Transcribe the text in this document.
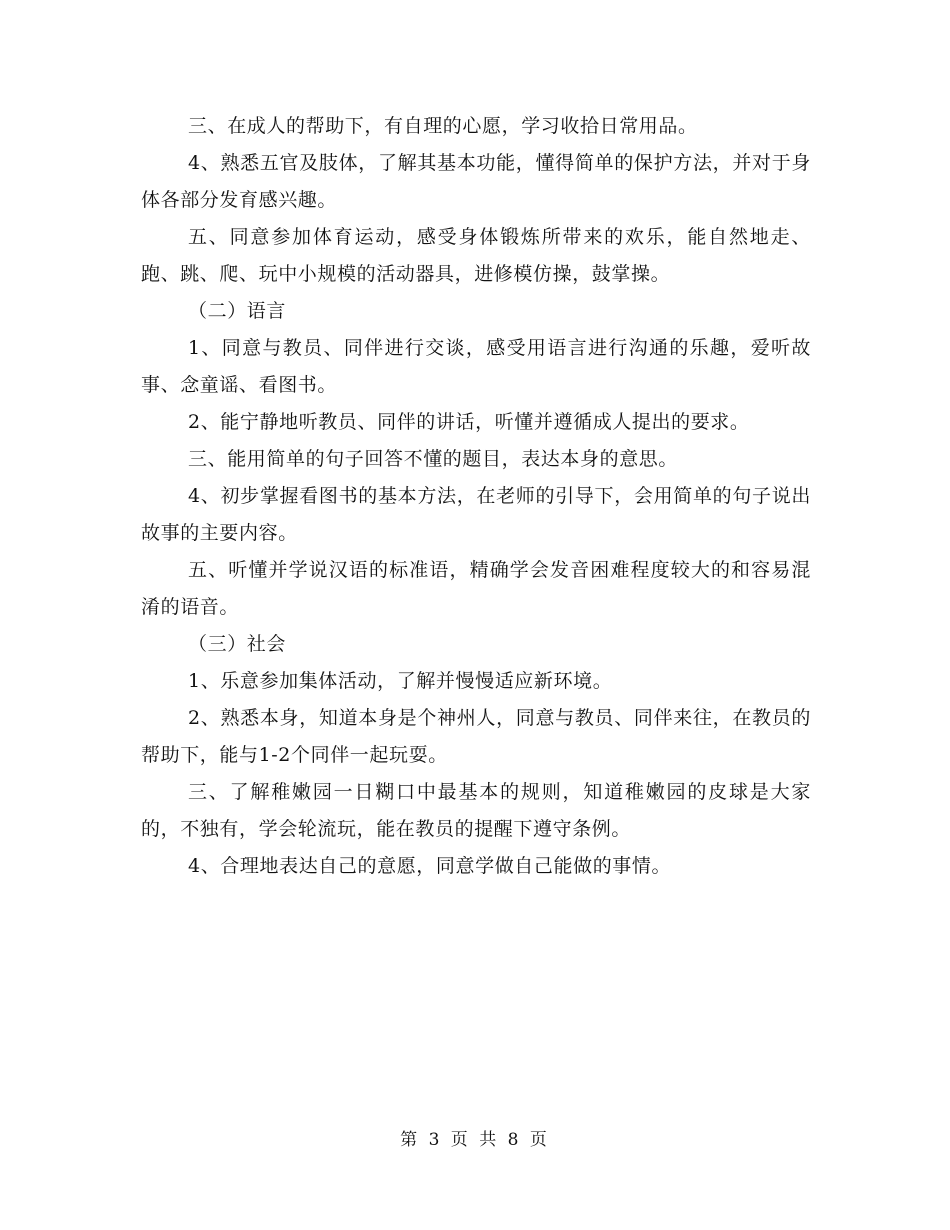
三、在成人的帮助下，有自理的心愿，学习收拾日常用品。

4、熟悉五官及肢体，了解其基本功能，懂得简单的保护方法，并对于身体各部分发育感兴趣。

五、同意参加体育运动，感受身体锻炼所带来的欢乐，能自然地走、跑、跳、爬、玩中小规模的活动器具，进修模仿操，鼓掌操。

（二）语言

1、同意与教员、同伴进行交谈，感受用语言进行沟通的乐趣，爱听故事、念童谣、看图书。

2、能宁静地听教员、同伴的讲话，听懂并遵循成人提出的要求。

三、能用简单的句子回答不懂的题目，表达本身的意思。

4、初步掌握看图书的基本方法，在老师的引导下，会用简单的句子说出故事的主要内容。

五、听懂并学说汉语的标准语，精确学会发音困难程度较大的和容易混淆的语音。

（三）社会

1、乐意参加集体活动，了解并慢慢适应新环境。

2、熟悉本身，知道本身是个神州人，同意与教员、同伴来往，在教员的帮助下，能与1-2个同伴一起玩耍。

三、了解稚嫩园一日糊口中最基本的规则，知道稚嫩园的皮球是大家的，不独有，学会轮流玩，能在教员的提醒下遵守条例。

4、合理地表达自己的意愿，同意学做自己能做的事情。

第 3 页 共 8 页
